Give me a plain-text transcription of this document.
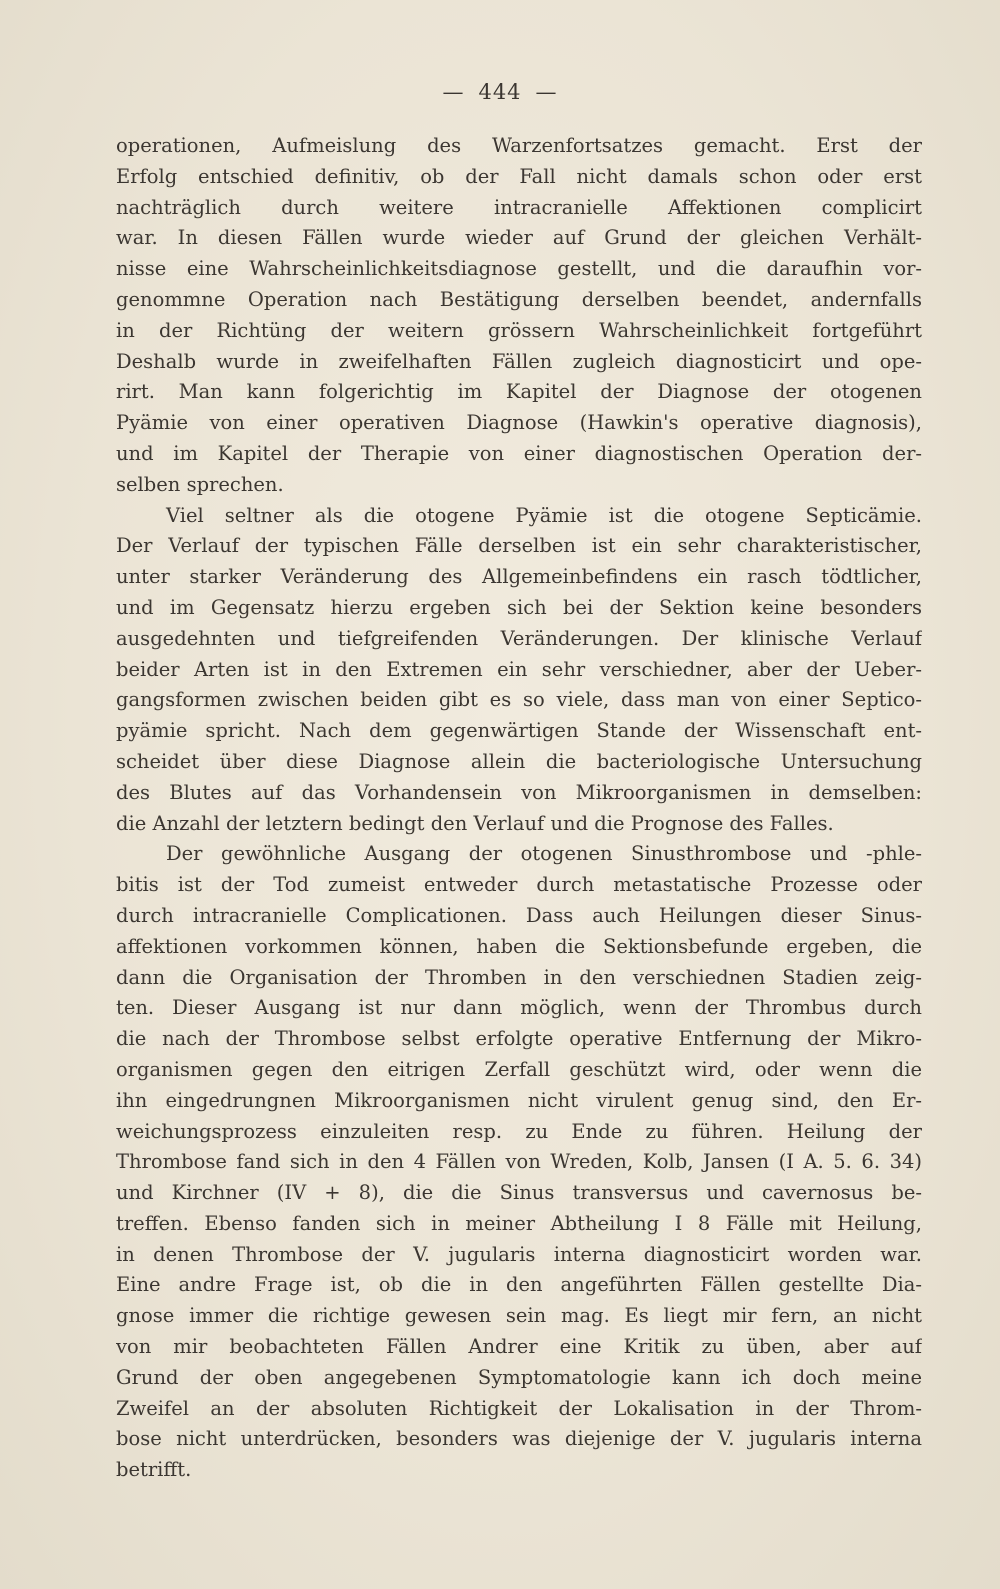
— 444 —

operationen, Aufmeislung des Warzenfortsatzes gemacht. Erst der
Erfolg entschied definitiv, ob der Fall nicht damals schon oder erst
nachträglich durch weitere intracranielle Affektionen complicirt
war. In diesen Fällen wurde wieder auf Grund der gleichen Verhält-
nisse eine Wahrscheinlichkeitsdiagnose gestellt, und die daraufhin vor-
genommne Operation nach Bestätigung derselben beendet, andernfalls
in der Richtüng der weitern grössern Wahrscheinlichkeit fortgeführt
Deshalb wurde in zweifelhaften Fällen zugleich diagnosticirt und ope-
rirt. Man kann folgerichtig im Kapitel der Diagnose der otogenen
Pyämie von einer operativen Diagnose (Hawkin's operative diagnosis),
und im Kapitel der Therapie von einer diagnostischen Operation der-
selben sprechen.
Viel seltner als die otogene Pyämie ist die otogene Septicämie.
Der Verlauf der typischen Fälle derselben ist ein sehr charakteristischer,
unter starker Veränderung des Allgemeinbefindens ein rasch tödtlicher,
und im Gegensatz hierzu ergeben sich bei der Sektion keine besonders
ausgedehnten und tiefgreifenden Veränderungen. Der klinische Verlauf
beider Arten ist in den Extremen ein sehr verschiedner, aber der Ueber-
gangsformen zwischen beiden gibt es so viele, dass man von einer Septico-
pyämie spricht. Nach dem gegenwärtigen Stande der Wissenschaft ent-
scheidet über diese Diagnose allein die bacteriologische Untersuchung
des Blutes auf das Vorhandensein von Mikroorganismen in demselben:
die Anzahl der letztern bedingt den Verlauf und die Prognose des Falles.
Der gewöhnliche Ausgang der otogenen Sinusthrombose und -phle-
bitis ist der Tod zumeist entweder durch metastatische Prozesse oder
durch intracranielle Complicationen. Dass auch Heilungen dieser Sinus-
affektionen vorkommen können, haben die Sektionsbefunde ergeben, die
dann die Organisation der Thromben in den verschiednen Stadien zeig-
ten. Dieser Ausgang ist nur dann möglich, wenn der Thrombus durch
die nach der Thrombose selbst erfolgte operative Entfernung der Mikro-
organismen gegen den eitrigen Zerfall geschützt wird, oder wenn die
ihn eingedrungnen Mikroorganismen nicht virulent genug sind, den Er-
weichungsprozess einzuleiten resp. zu Ende zu führen. Heilung der
Thrombose fand sich in den 4 Fällen von Wreden, Kolb, Jansen (I A. 5. 6. 34)
und Kirchner (IV + 8), die die Sinus transversus und cavernosus be-
treffen. Ebenso fanden sich in meiner Abtheilung I 8 Fälle mit Heilung,
in denen Thrombose der V. jugularis interna diagnosticirt worden war.
Eine andre Frage ist, ob die in den angeführten Fällen gestellte Dia-
gnose immer die richtige gewesen sein mag. Es liegt mir fern, an nicht
von mir beobachteten Fällen Andrer eine Kritik zu üben, aber auf
Grund der oben angegebenen Symptomatologie kann ich doch meine
Zweifel an der absoluten Richtigkeit der Lokalisation in der Throm-
bose nicht unterdrücken, besonders was diejenige der V. jugularis interna
betrifft.
